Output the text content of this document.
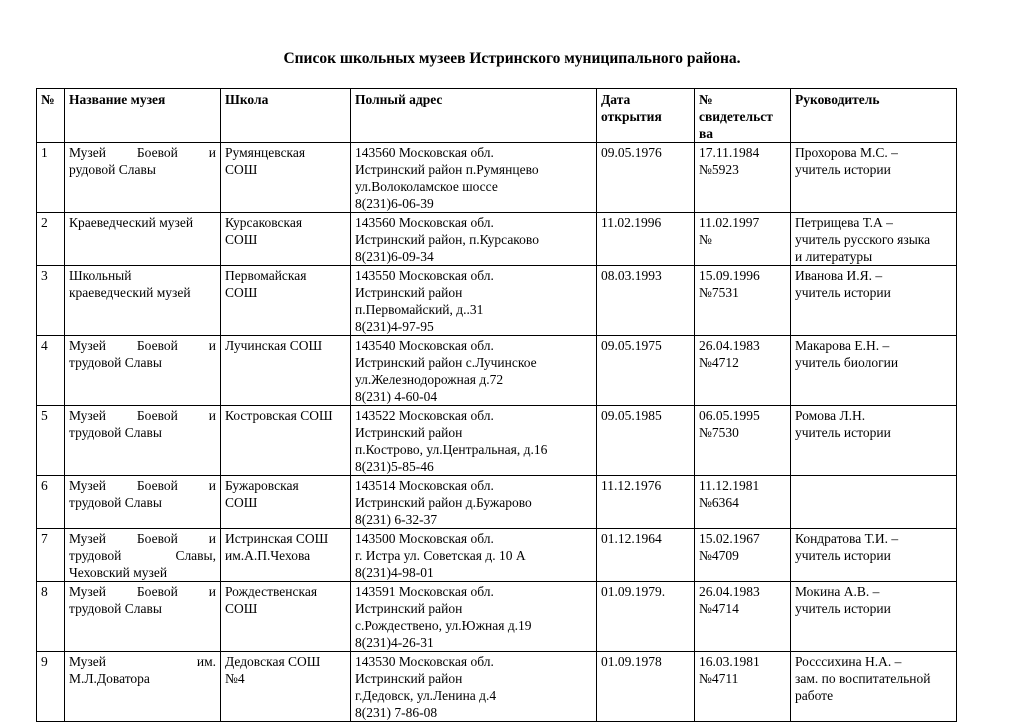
Список школьных музеев Истринского муниципального района.
№	Название музея	Школа	Полный адрес	Дата открытия	№ свидетельст ва	Руководитель
1	Музей Боевой и
рудовой Славы	Румянцевская
СОШ	143560 Московская обл.
Истринский район п.Румянцево
ул.Волоколамское шоссе
8(231)6-06-39	09.05.1976	17.11.1984
№5923	Прохорова М.С. –
учитель истории

2	Краеведческий музей	Курсаковская
СОШ	143560 Московская обл.
Истринский район, п.Курсаково
8(231)6-09-34	11.02.1996	11.02.1997
№	Петрищева Т.А –
учитель русского языка
и литературы

3	Школьный
краеведческий музей	Первомайская
СОШ	143550 Московская обл.
Истринский район
п.Первомайский, д..31
8(231)4-97-95	08.03.1993	15.09.1996
№7531	Иванова И.Я. –
учитель истории

4	Музей Боевой и
трудовой Славы	Лучинская СОШ	143540 Московская обл.
Истринский район с.Лучинское
ул.Железнодорожная д.72
8(231) 4-60-04	09.05.1975	26.04.1983
№4712	Макарова Е.Н. –
учитель биологии

5	Музей Боевой и
трудовой Славы	Костровская СОШ	143522 Московская обл.
Истринский район
п.Кострово, ул.Центральная, д.16
8(231)5-85-46	09.05.1985	06.05.1995
№7530	Ромова Л.Н.
учитель истории

6	Музей Боевой и
трудовой Славы	Бужаровская
СОШ	143514 Московская обл.
Истринский район д.Бужарово
8(231) 6-32-37	11.12.1976	11.12.1981
№6364	

7	Музей Боевой и
трудовой Славы,
Чеховский музей	Истринская СОШ
им.А.П.Чехова	143500 Московская обл.
г. Истра ул. Советская д. 10 А
8(231)4-98-01	01.12.1964	15.02.1967
№4709	Кондратова Т.И. –
учитель истории

8	Музей Боевой и
трудовой Славы	Рождественская
СОШ	143591 Московская обл.
Истринский район
с.Рождествено, ул.Южная д.19
8(231)4-26-31	01.09.1979.	26.04.1983
№4714	Мокина А.В. –
учитель истории

9	Музей им.
М.Л.Доватора	Дедовская СОШ
№4	143530 Московская обл.
Истринский район
г.Дедовск, ул.Ленина д.4
8(231) 7-86-08	01.09.1978	16.03.1981
№4711	Росссихина Н.А. –
зам. по воспитательной
работе
